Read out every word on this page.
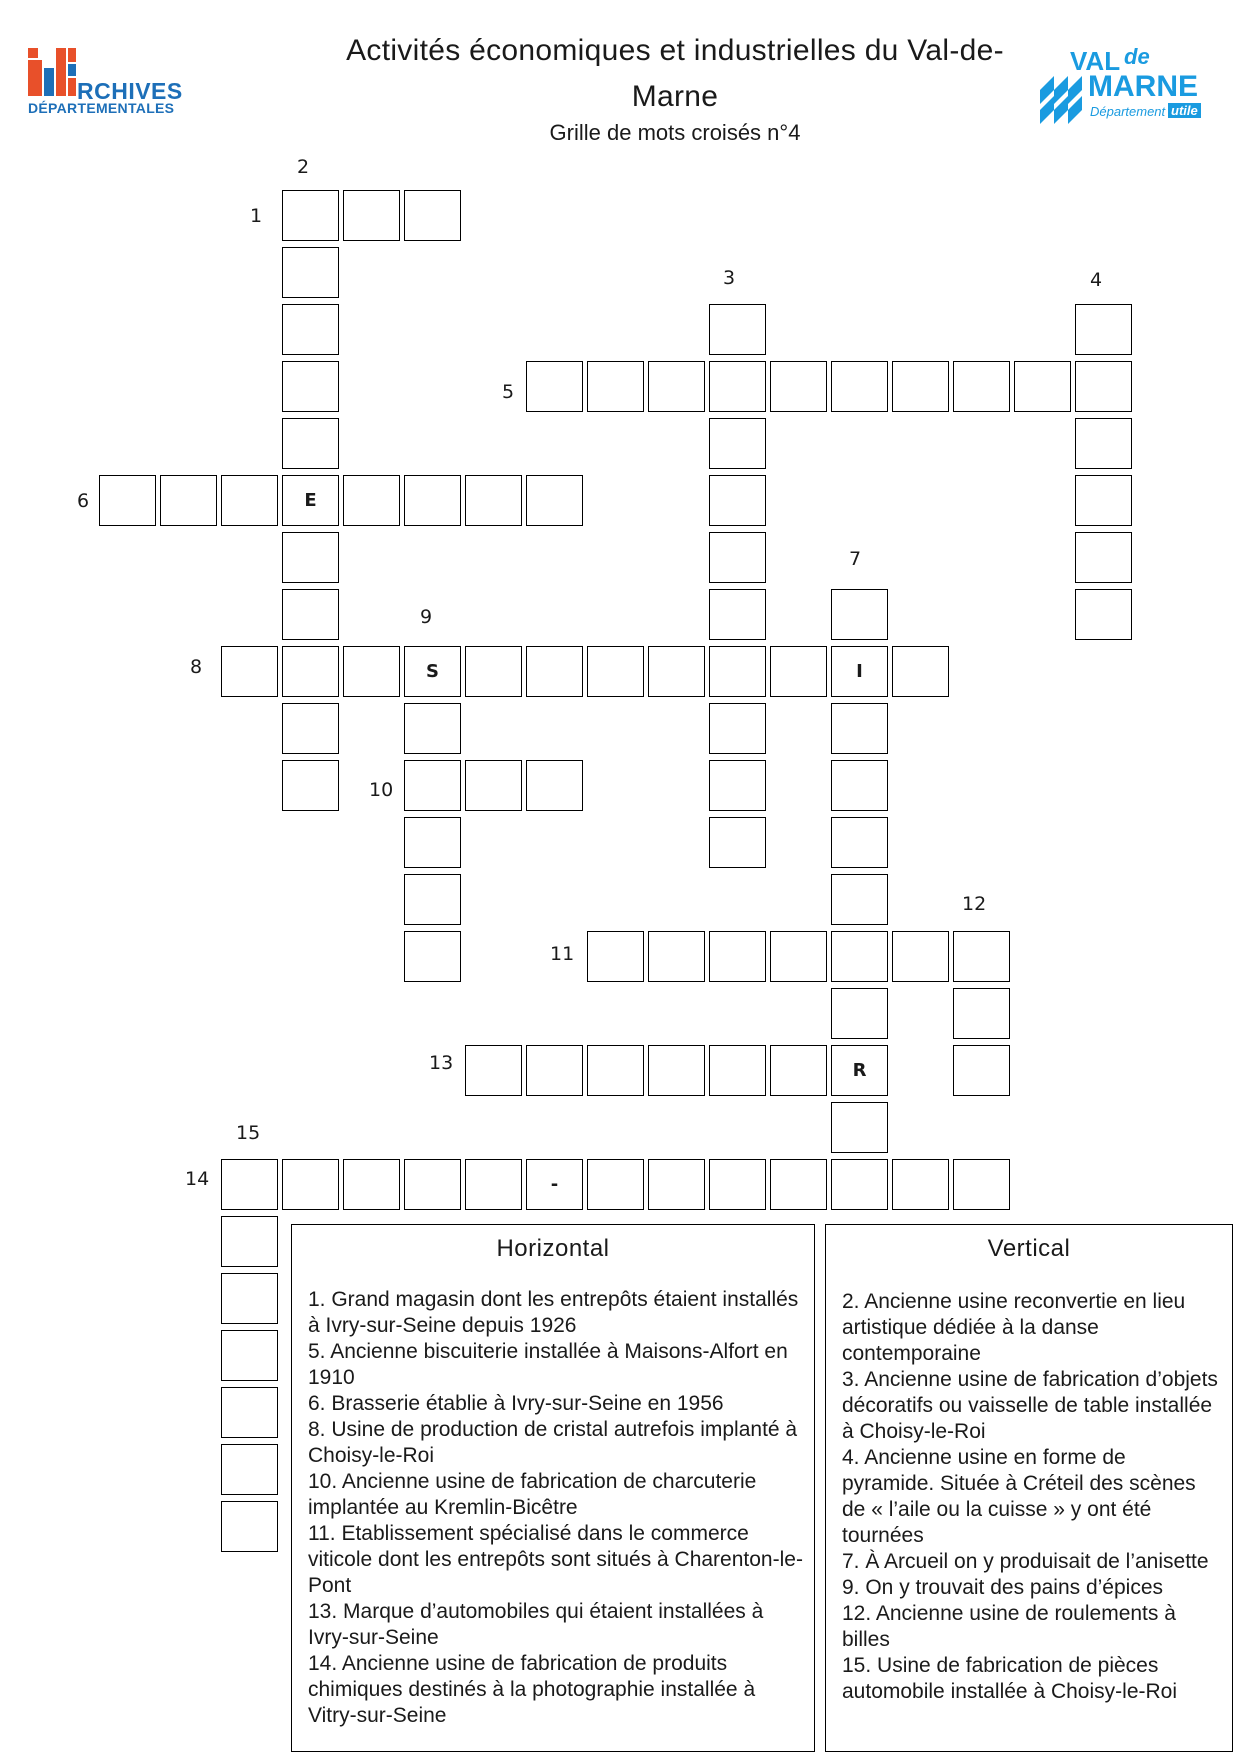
RCHIVES
DÉPARTEMENTALES
VAL de
MARNE
Département utile
Activités économiques et industrielles du Val-de-Marne
Grille de mots croisés n°4
2
1
3	4
5
6
7
9
8
10
12
11
13
15
14
E
S	I
R
-
Horizontal
1. Grand magasin dont les entrepôts étaient installés à Ivry-sur-Seine depuis 1926
5. Ancienne biscuiterie installée à Maisons-Alfort en 1910
6. Brasserie établie à Ivry-sur-Seine en 1956
8. Usine de production de cristal autrefois implanté à Choisy-le-Roi
10. Ancienne usine de fabrication de charcuterie implantée au Kremlin-Bicêtre
11. Etablissement spécialisé dans le commerce viticole dont les entrepôts sont situés à Charenton-le-Pont
13. Marque d’automobiles qui étaient installées à Ivry-sur-Seine
14. Ancienne usine de fabrication de produits chimiques destinés à la photographie installée à Vitry-sur-Seine
Vertical
2. Ancienne usine reconvertie en lieu artistique dédiée à la danse contemporaine
3. Ancienne usine de fabrication d’objets décoratifs ou vaisselle de table installée à Choisy-le-Roi
4. Ancienne usine en forme de pyramide. Située à Créteil des scènes de « l’aile ou la cuisse » y ont été tournées
7. À Arcueil on y produisait de l’anisette
9. On y trouvait des pains d’épices
12. Ancienne usine de roulements à billes
15. Usine de fabrication de pièces automobile installée à Choisy-le-Roi
